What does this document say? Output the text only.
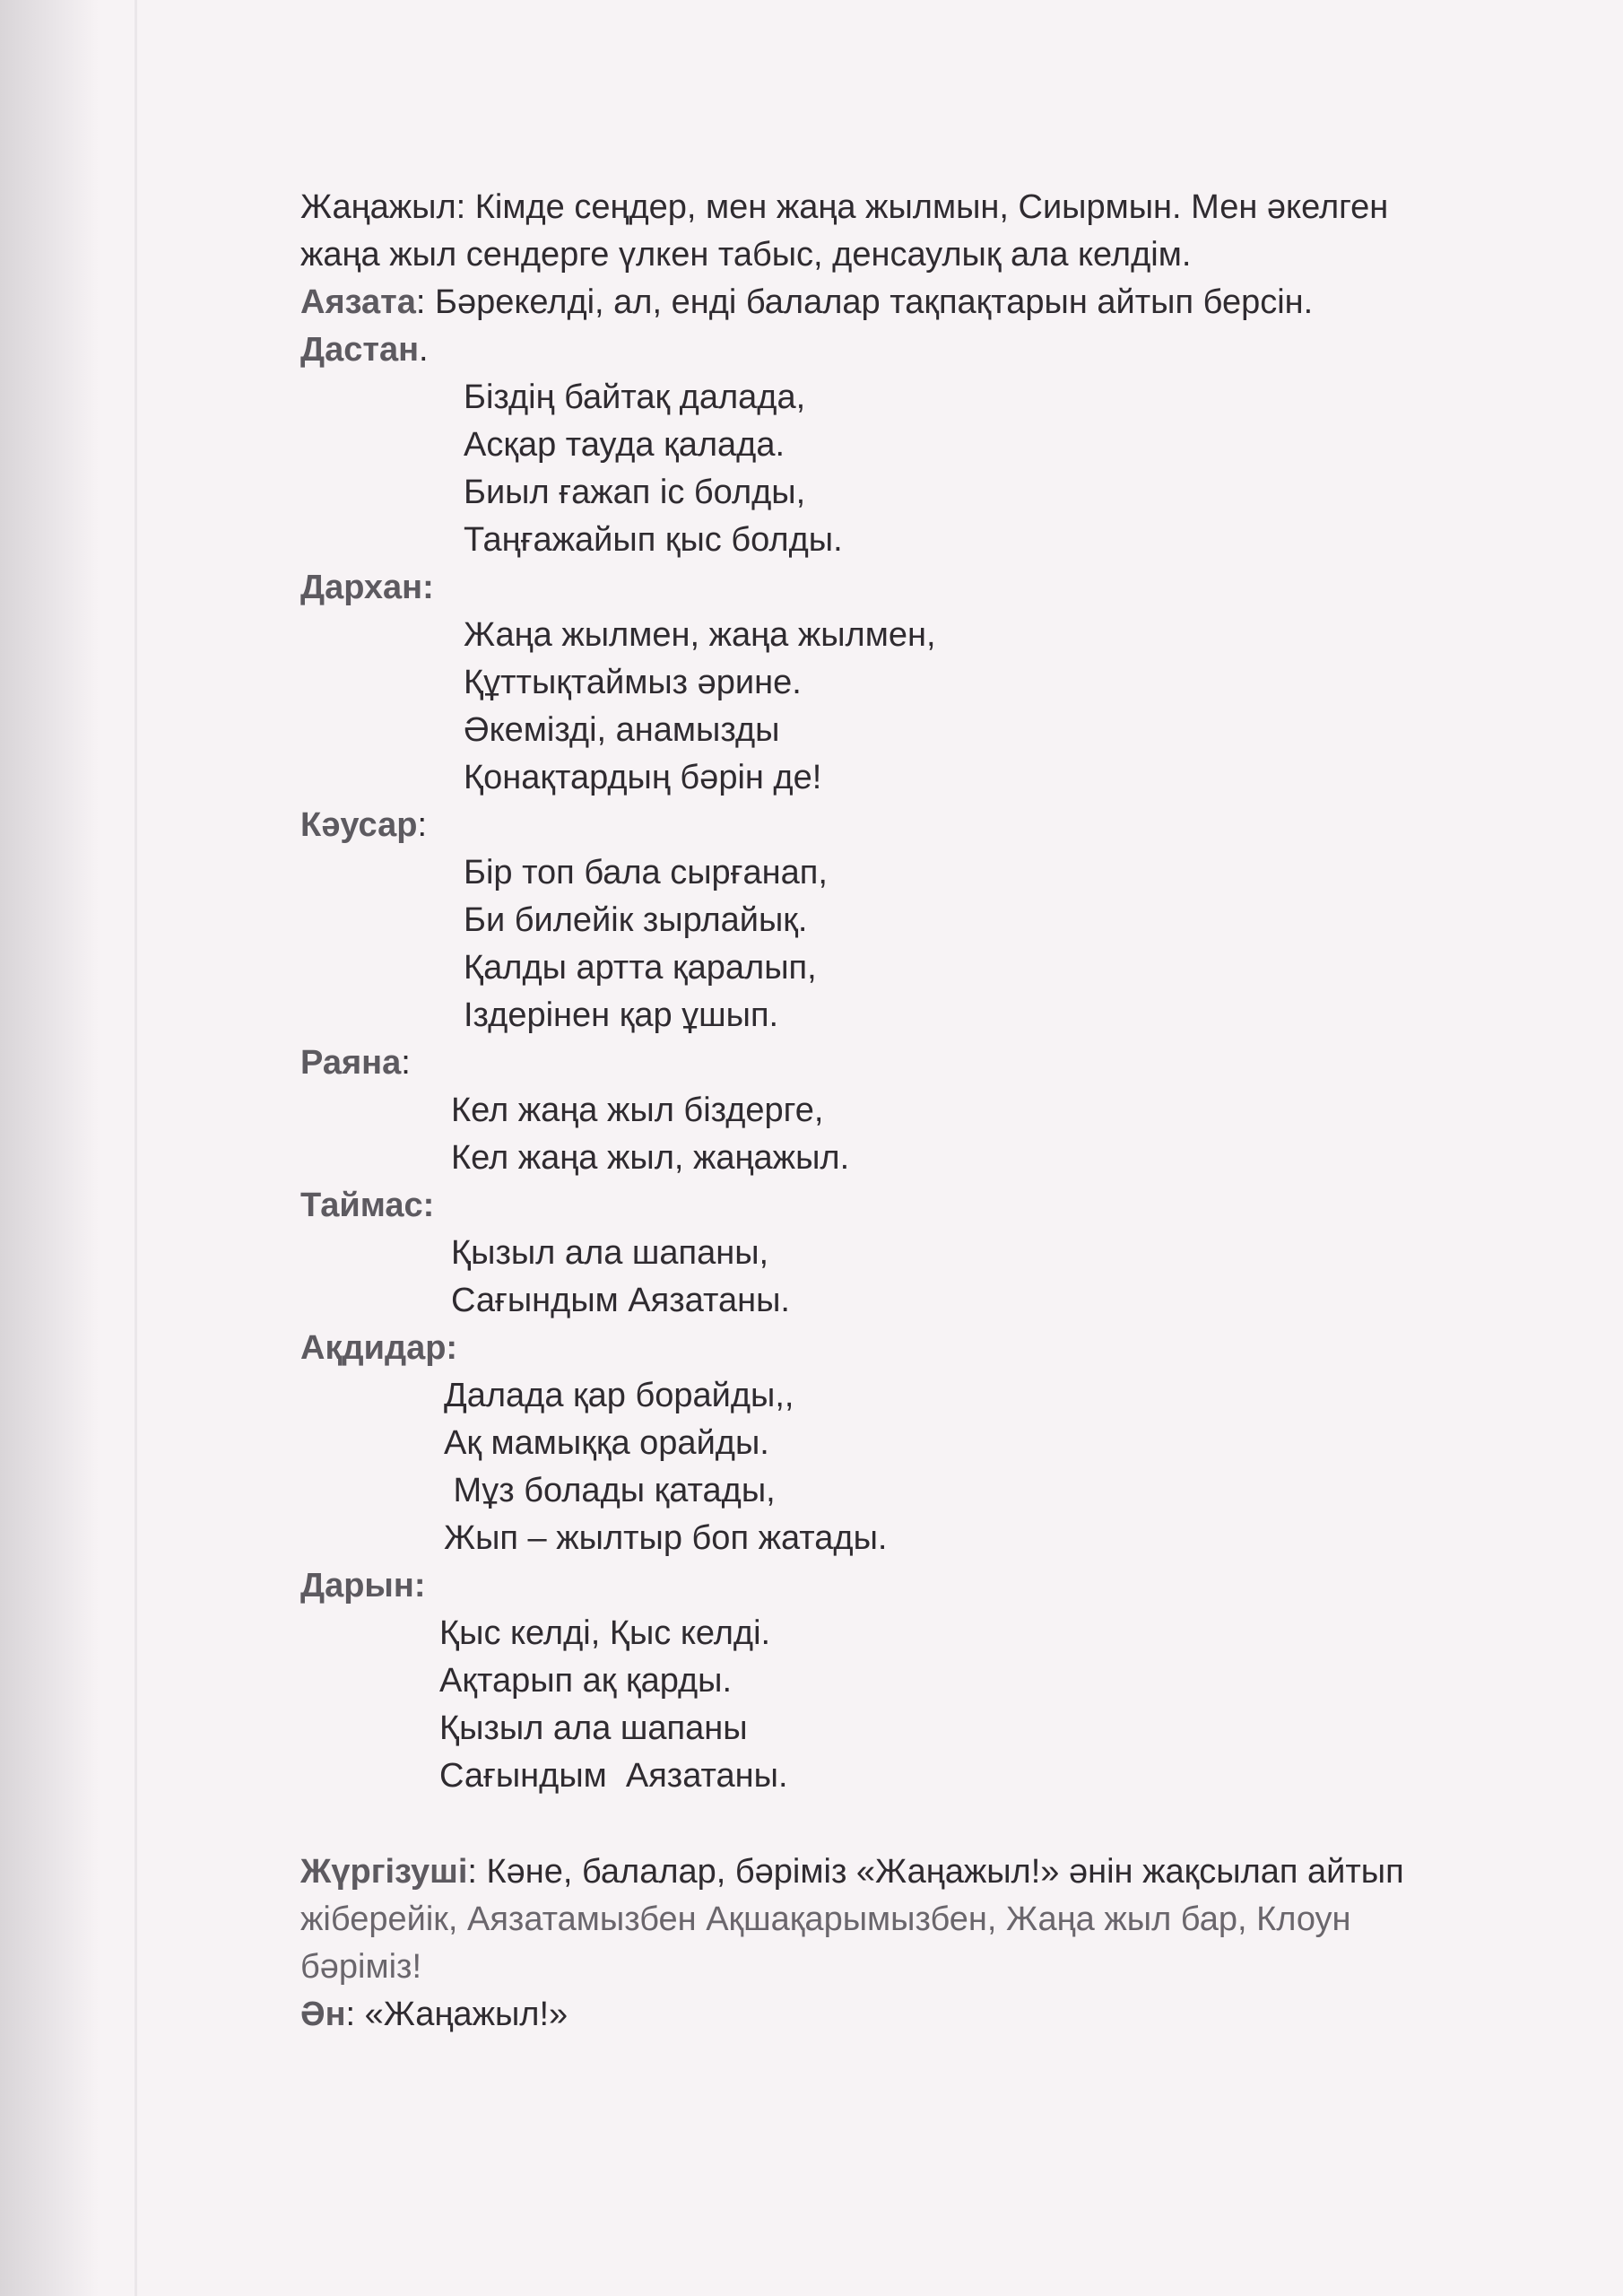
Жаңажыл: Кімде сеңдер, мен жаңа жылмын, Сиырмын. Мен әкелген
жаңа жыл сендерге үлкен табыс, денсаулық ала келдім.
Аязата: Бәрекелді, ал, енді балалар тақпақтарын айтып берсін.
Дастан.
Біздің байтақ далада,
Асқар тауда қалада.
Биыл ғажап іс болды,
Таңғажайып қыс болды.
Дархан:
Жаңа жылмен, жаңа жылмен,
Құттықтаймыз әрине.
Әкемізді, анамызды
Қонақтардың бәрін де!
Кәусар:
Бір топ бала сырғанап,
Би билейік зырлайық.
Қалды артта қаралып,
Іздерінен қар ұшып.
Раяна:
Кел жаңа жыл біздерге,
Кел жаңа жыл, жаңажыл.
Таймас:
Қызыл ала шапаны,
Сағындым Аязатаны.
Ақдидар:
Далада қар борайды,,
Ақ мамыққа орайды.
Мұз болады қатады,
Жып – жылтыр боп жатады.
Дарын:
Қыс келді, Қыс келді.
Ақтарып ақ қарды.
Қызыл ала шапаны
Сағындым  Аязатаны.
Жүргізуші: Кәне, балалар, бәріміз «Жаңажыл!» әнін жақсылап айтып
жіберейік, Аязатамызбен Ақшақарымызбен, Жаңа жыл бар, Клоун
бәріміз!
Ән: «Жаңажыл!»
